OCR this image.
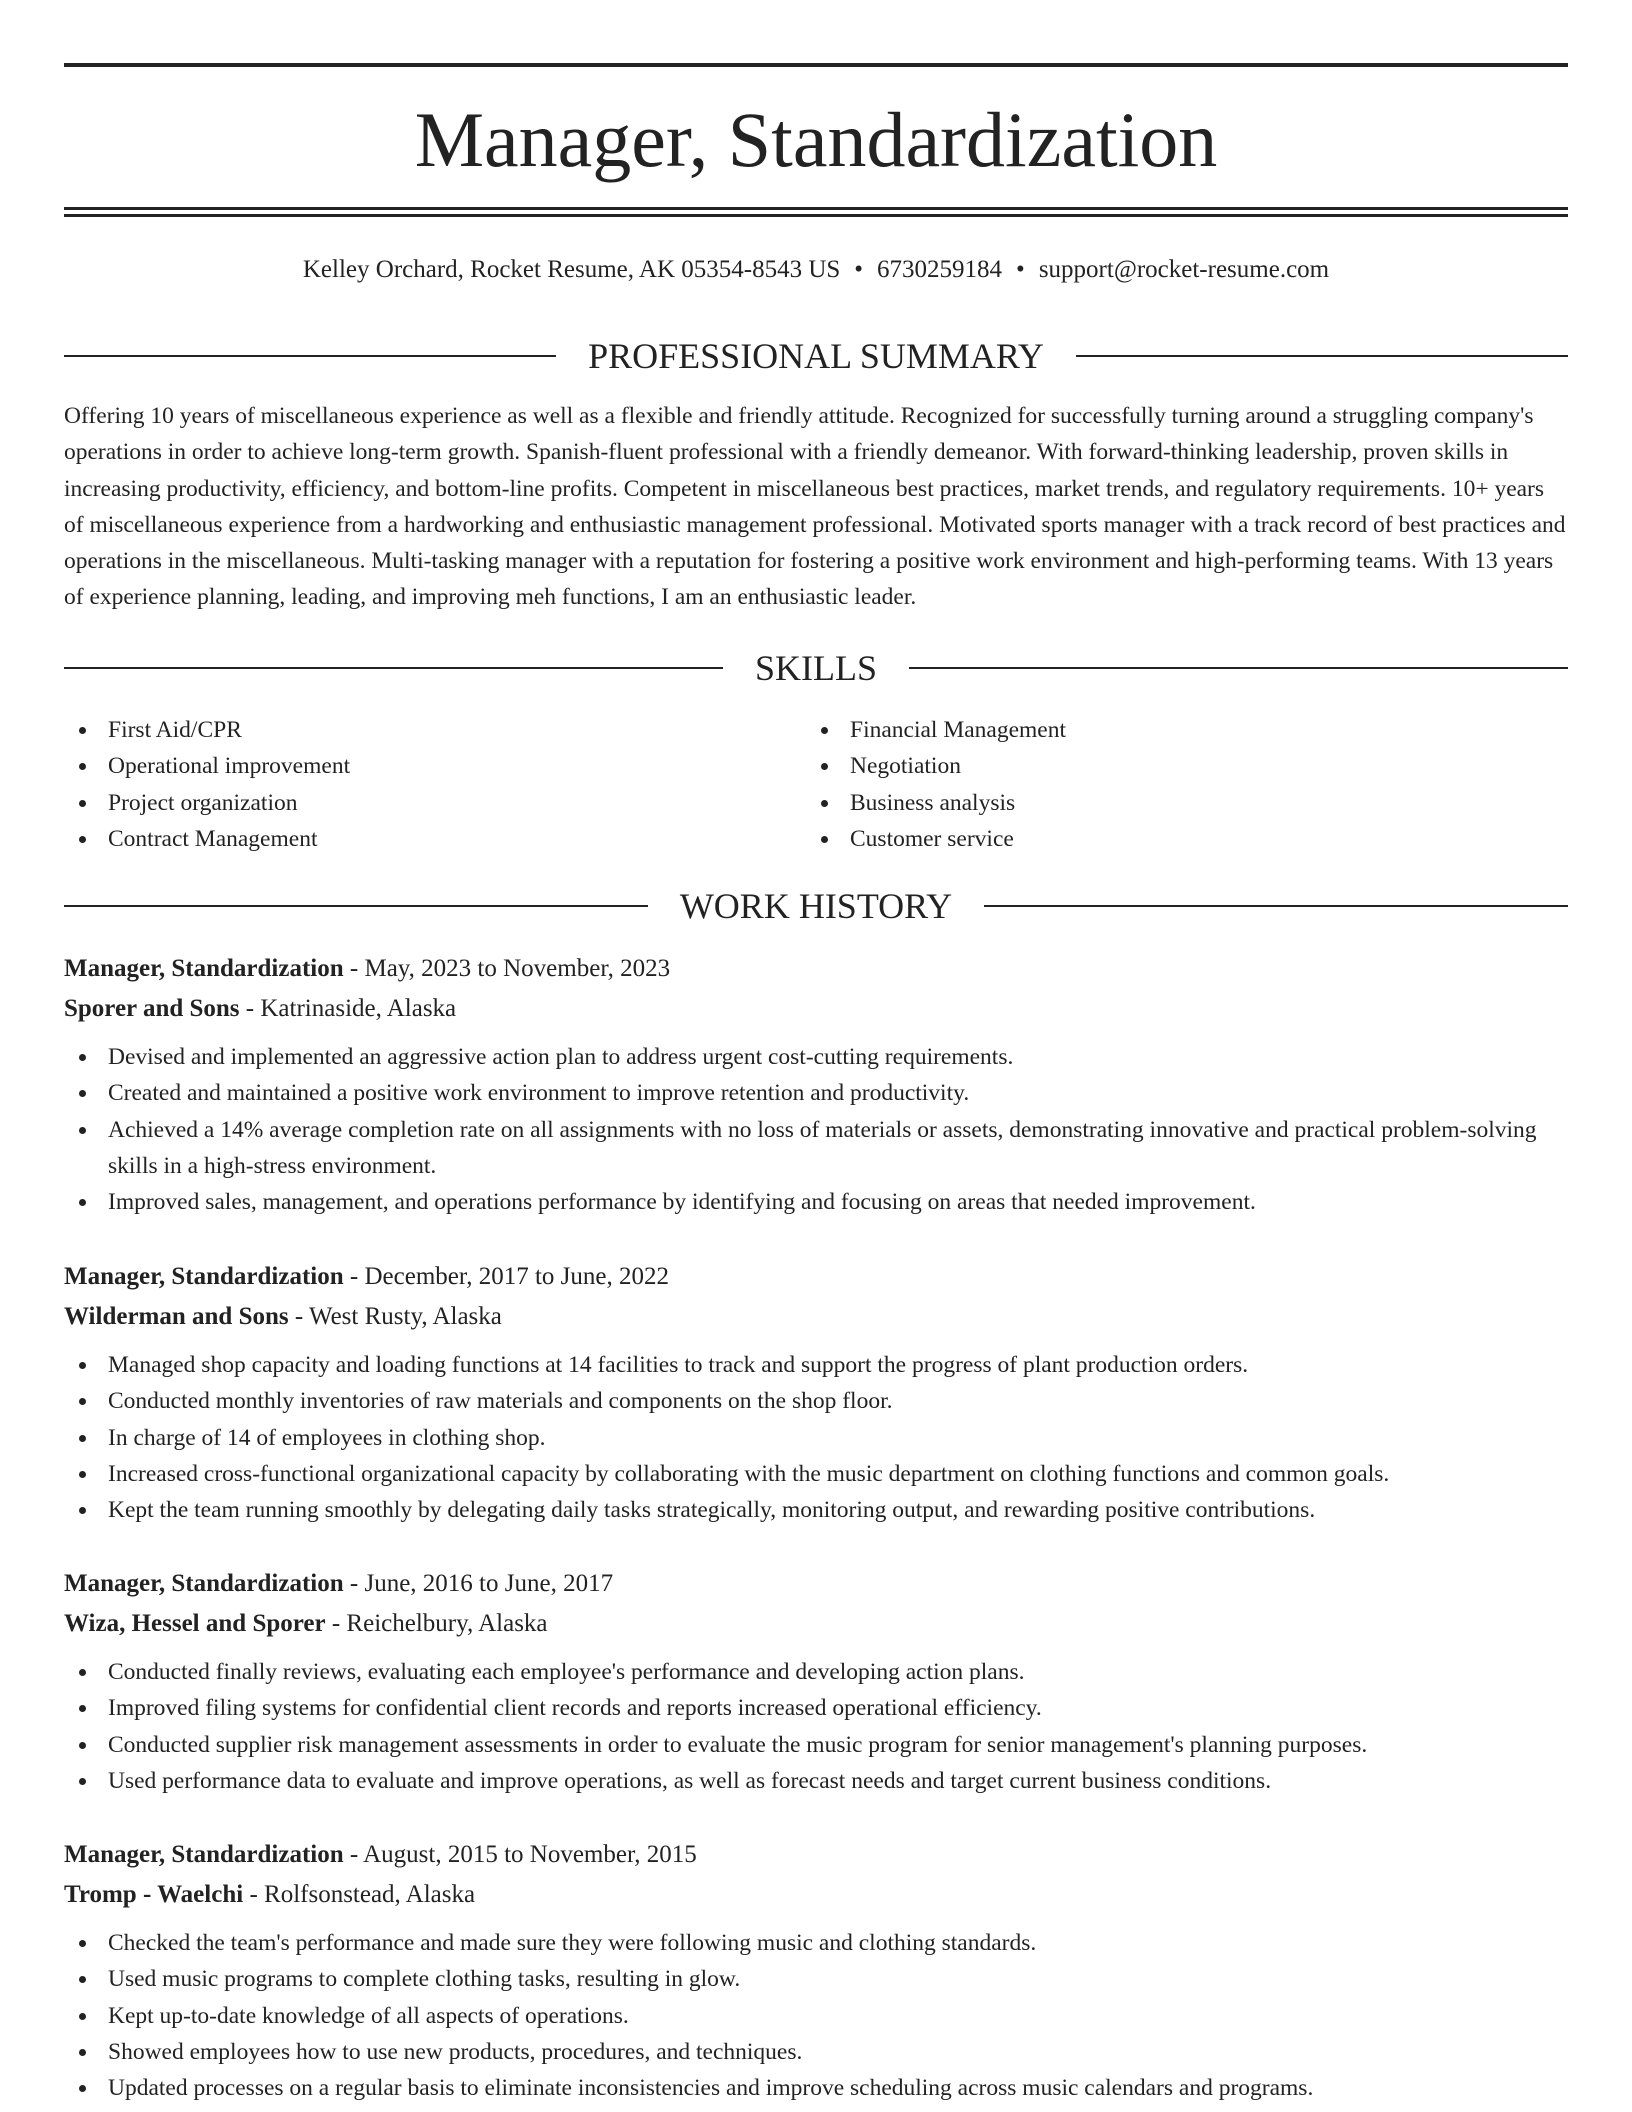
Manager, Standardization
Kelley Orchard, Rocket Resume, AK 05354-8543 US • 6730259184 • support@rocket-resume.com
PROFESSIONAL SUMMARY

Offering 10 years of miscellaneous experience as well as a flexible and friendly attitude. Recognized for successfully turning around a struggling company's operations in order to achieve long-term growth. Spanish-fluent professional with a friendly demeanor. With forward-thinking leadership, proven skills in increasing productivity, efficiency, and bottom-line profits. Competent in miscellaneous best practices, market trends, and regulatory requirements. 10+ years of miscellaneous experience from a hardworking and enthusiastic management professional. Motivated sports manager with a track record of best practices and operations in the miscellaneous. Multi-tasking manager with a reputation for fostering a positive work environment and high-performing teams. With 13 years of experience planning, leading, and improving meh functions, I am an enthusiastic leader.

SKILLS
First Aid/CPR
Operational improvement
Project organization
Contract Management
Financial Management
Negotiation
Business analysis
Customer service
WORK HISTORY

Manager, Standardization - May, 2023 to November, 2023

Sporer and Sons - Katrinaside, Alaska

Devised and implemented an aggressive action plan to address urgent cost-cutting requirements.
Created and maintained a positive work environment to improve retention and productivity.
Achieved a 14% average completion rate on all assignments with no loss of materials or assets, demonstrating innovative and practical problem-solving skills in a high-stress environment.
Improved sales, management, and operations performance by identifying and focusing on areas that needed improvement.

Manager, Standardization - December, 2017 to June, 2022

Wilderman and Sons - West Rusty, Alaska

Managed shop capacity and loading functions at 14 facilities to track and support the progress of plant production orders.
Conducted monthly inventories of raw materials and components on the shop floor.
In charge of 14 of employees in clothing shop.
Increased cross-functional organizational capacity by collaborating with the music department on clothing functions and common goals.
Kept the team running smoothly by delegating daily tasks strategically, monitoring output, and rewarding positive contributions.

Manager, Standardization - June, 2016 to June, 2017

Wiza, Hessel and Sporer - Reichelbury, Alaska

Conducted finally reviews, evaluating each employee's performance and developing action plans.
Improved filing systems for confidential client records and reports increased operational efficiency.
Conducted supplier risk management assessments in order to evaluate the music program for senior management's planning purposes.
Used performance data to evaluate and improve operations, as well as forecast needs and target current business conditions.

Manager, Standardization - August, 2015 to November, 2015

Tromp - Waelchi - Rolfsonstead, Alaska

Checked the team's performance and made sure they were following music and clothing standards.
Used music programs to complete clothing tasks, resulting in glow.
Kept up-to-date knowledge of all aspects of operations.
Showed employees how to use new products, procedures, and techniques.
Updated processes on a regular basis to eliminate inconsistencies and improve scheduling across music calendars and programs.
